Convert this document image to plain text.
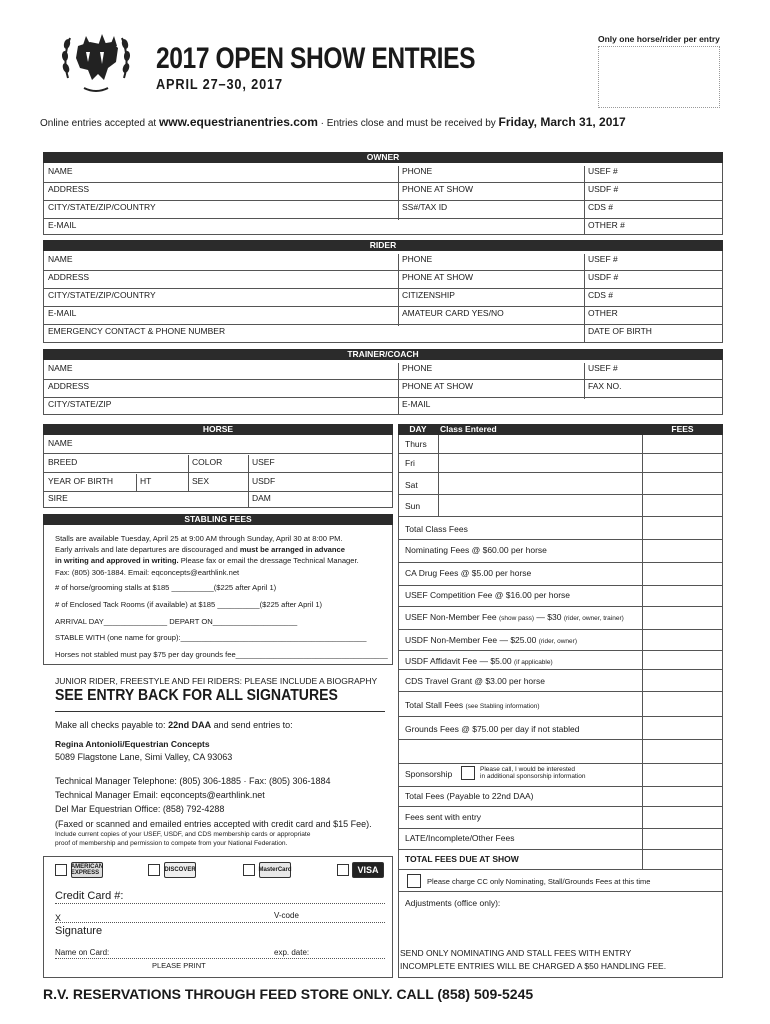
2017 OPEN SHOW ENTRIES
APRIL 27–30, 2017
Only one horse/rider per entry
Online entries accepted at www.equestrianentries.com · Entries close and must be received by Friday, March 31, 2017
OWNER
NAME	PHONE	USEF #
ADDRESS	PHONE AT SHOW	USDF #
CITY/STATE/ZIP/COUNTRY	SS#/TAX ID	CDS #
E-MAIL	OTHER #
RIDER
NAME	PHONE	USEF #
ADDRESS	PHONE AT SHOW	USDF #
CITY/STATE/ZIP/COUNTRY	CITIZENSHIP	CDS #
E-MAIL	AMATEUR CARD YES/NO	OTHER
EMERGENCY CONTACT & PHONE NUMBER	DATE OF BIRTH
TRAINER/COACH
NAME	PHONE	USEF #
ADDRESS	PHONE AT SHOW	FAX NO.
CITY/STATE/ZIP	E-MAIL
HORSE
NAME
BREED	COLOR	USEF
YEAR OF BIRTH	HT	SEX	USDF
SIRE	DAM
DAY	Class Entered	FEES
Thurs
Fri
Sat
Sun
Total Class Fees
Nominating Fees @ $60.00 per horse
CA Drug Fees @ $5.00 per horse
USEF Competition Fee @ $16.00 per horse
USEF Non-Member Fee (show pass) — $30 (rider, owner, trainer)
USDF Non-Member Fee — $25.00 (rider, owner)
USDF Affidavit Fee — $5.00 (if applicable)
CDS Travel Grant @ $3.00 per horse
Total Stall Fees (see Stabling information)
Grounds Fees @ $75.00 per day if not stabled
Sponsorship	Please call, I would be interested
in additional sponsorship information
Total Fees (Payable to 22nd DAA)
Fees sent with entry
LATE/Incomplete/Other Fees
TOTAL FEES DUE AT SHOW
Please charge CC only Nominating, Stall/Grounds Fees at this time
Adjustments (office only):
STABLING FEES
Stalls are available Tuesday, April 25 at 9:00 AM through Sunday, April 30 at 8:00 PM.
Early arrivals and late departures are discouraged and must be arranged in advance
in writing and approved in writing. Please fax or email the dressage Technical Manager.
Fax: (805) 306-1884. Email: eqconcepts@earthlink.net
# of horse/grooming stalls at $185 __________($225 after April 1)
# of Enclosed Tack Rooms (if available) at $185 __________($225 after April 1)
ARRIVAL DAY_______________ DEPART ON____________________
STABLE WITH (one name for group):____________________________________________
Horses not stabled must pay $75 per day grounds fee____________________________________
JUNIOR RIDER, FREESTYLE AND FEI RIDERS: PLEASE INCLUDE A BIOGRAPHY
SEE ENTRY BACK FOR ALL SIGNATURES
Make all checks payable to: 22nd DAA and send entries to:
Regina Antonioli/Equestrian Concepts
5089 Flagstone Lane, Simi Valley, CA 93063
Technical Manager Telephone: (805) 306-1885 · Fax: (805) 306-1884
Technical Manager Email: eqconcepts@earthlink.net
Del Mar Equestrian Office: (858) 792-4288
(Faxed or scanned and emailed entries accepted with credit card and $15 Fee).
Include current copies of your USEF, USDF, and CDS membership cards or appropriate
proof of membership and permission to compete from your National Federation.
AMERICAN EXPRESS	DISCOVER	MasterCard	VISA
Credit Card #:
X	V-code
Signature
Name on Card:	exp. date:
PLEASE PRINT
SEND ONLY NOMINATING AND STALL FEES WITH ENTRY
INCOMPLETE ENTRIES WILL BE CHARGED A $50 HANDLING FEE.
R.V. RESERVATIONS THROUGH FEED STORE ONLY. CALL (858) 509-5245
